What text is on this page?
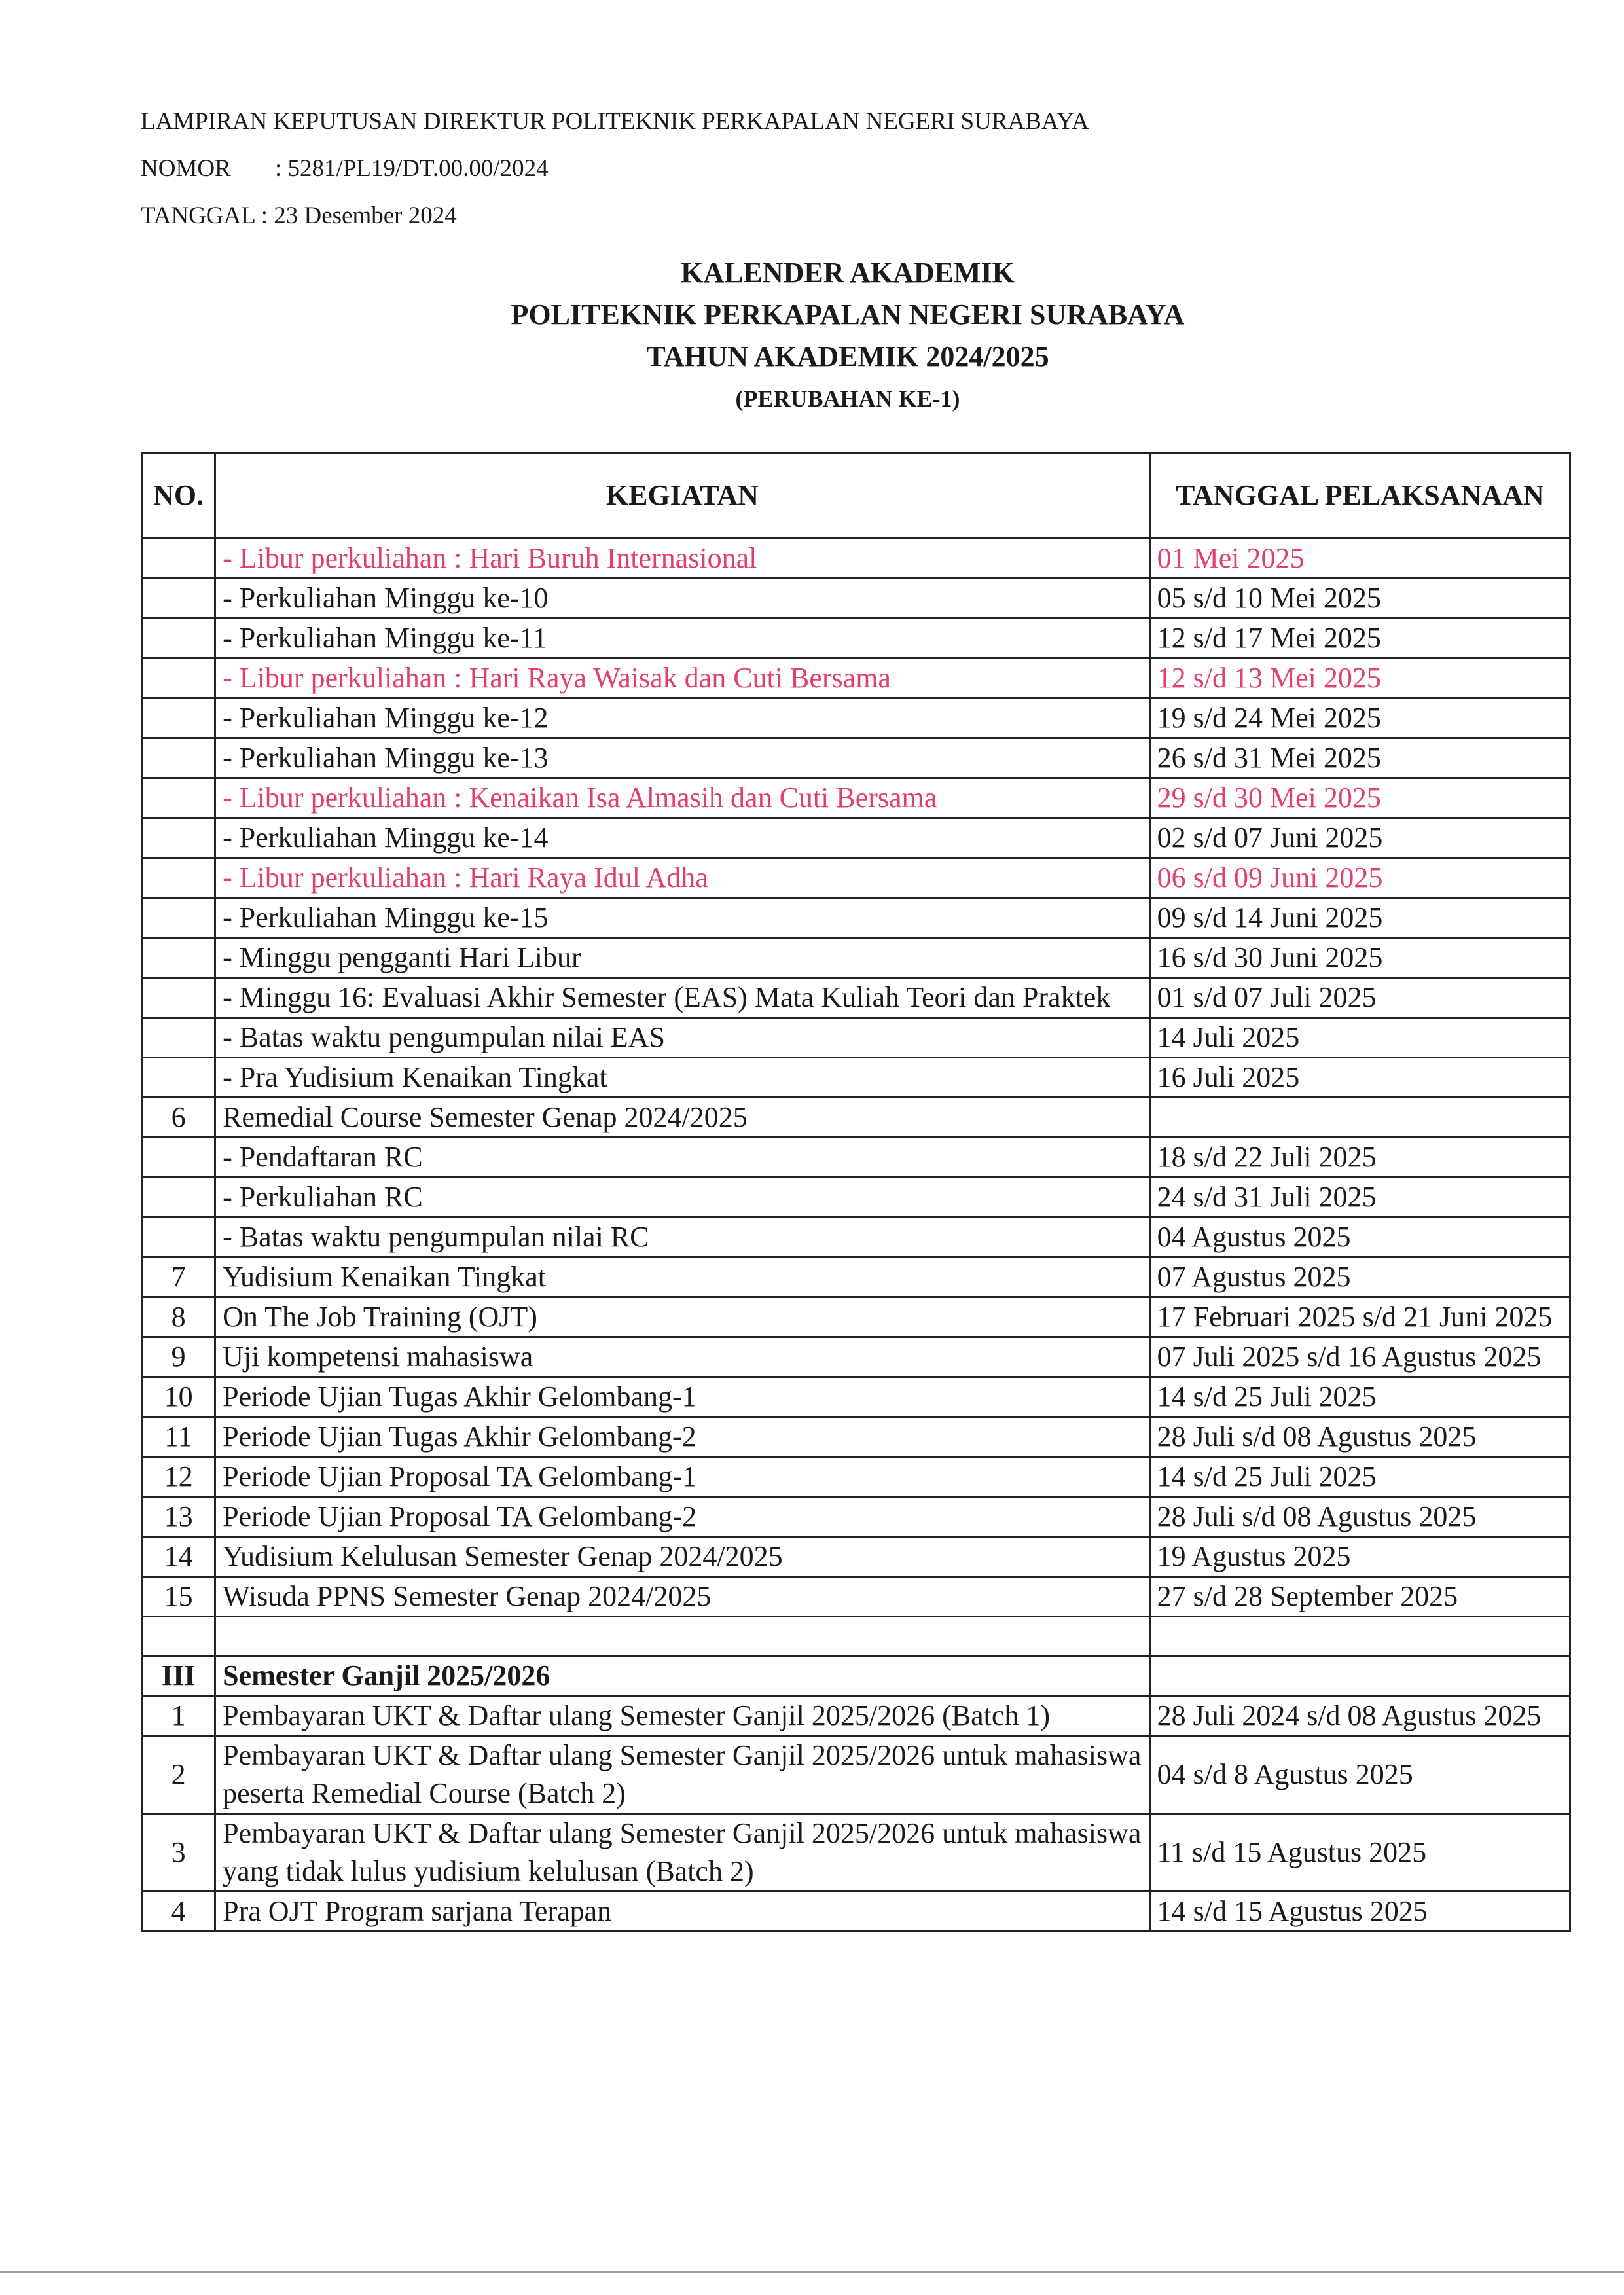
LAMPIRAN KEPUTUSAN DIREKTUR POLITEKNIK PERKAPALAN NEGERI SURABAYA
NOMOR : 5281/PL19/DT.00.00/2024
TANGGAL : 23 Desember 2024
KALENDER AKADEMIK
POLITEKNIK PERKAPALAN NEGERI SURABAYA
TAHUN AKADEMIK 2024/2025
(PERUBAHAN KE-1)
NO.	KEGIATAN	TANGGAL PELAKSANAAN
	- Libur perkuliahan : Hari Buruh Internasional	01 Mei 2025
	- Perkuliahan Minggu ke-10	05 s/d 10 Mei 2025
	- Perkuliahan Minggu ke-11	12 s/d 17 Mei 2025
	- Libur perkuliahan : Hari Raya Waisak dan Cuti Bersama	12 s/d 13 Mei 2025
	- Perkuliahan Minggu ke-12	19 s/d 24 Mei 2025
	- Perkuliahan Minggu ke-13	26 s/d 31 Mei 2025
	- Libur perkuliahan : Kenaikan Isa Almasih dan Cuti Bersama	29 s/d 30 Mei 2025
	- Perkuliahan Minggu ke-14	02 s/d 07 Juni 2025
	- Libur perkuliahan : Hari Raya Idul Adha	06 s/d 09 Juni 2025
	- Perkuliahan Minggu ke-15	09 s/d 14 Juni 2025
	- Minggu pengganti Hari Libur	16 s/d 30 Juni 2025
	- Minggu 16: Evaluasi Akhir Semester (EAS) Mata Kuliah Teori dan Praktek	01 s/d 07 Juli 2025
	- Batas waktu pengumpulan nilai EAS	14 Juli 2025
	- Pra Yudisium Kenaikan Tingkat	16 Juli 2025
6	Remedial Course Semester Genap 2024/2025	
	- Pendaftaran RC	18 s/d 22 Juli 2025
	- Perkuliahan RC	24 s/d 31 Juli 2025
	- Batas waktu pengumpulan nilai RC	04 Agustus 2025
7	Yudisium Kenaikan Tingkat	07 Agustus 2025
8	On The Job Training (OJT)	17 Februari 2025 s/d 21 Juni 2025
9	Uji kompetensi mahasiswa	07 Juli 2025 s/d 16 Agustus 2025
10	Periode Ujian Tugas Akhir Gelombang-1	14 s/d 25 Juli 2025
11	Periode Ujian Tugas Akhir Gelombang-2	28 Juli s/d 08 Agustus 2025
12	Periode Ujian Proposal TA Gelombang-1	14 s/d 25 Juli 2025
13	Periode Ujian Proposal TA Gelombang-2	28 Juli s/d 08 Agustus 2025
14	Yudisium Kelulusan Semester Genap 2024/2025	19 Agustus 2025
15	Wisuda PPNS Semester Genap 2024/2025	27 s/d 28 September 2025

III	Semester Ganjil 2025/2026	
1	Pembayaran UKT & Daftar ulang Semester Ganjil 2025/2026 (Batch 1)	28 Juli 2024 s/d 08 Agustus 2025
2	Pembayaran UKT & Daftar ulang Semester Ganjil 2025/2026 untuk mahasiswa peserta Remedial Course (Batch 2)	04 s/d 8 Agustus 2025
3	Pembayaran UKT & Daftar ulang Semester Ganjil 2025/2026 untuk mahasiswa yang tidak lulus yudisium kelulusan (Batch 2)	11 s/d 15 Agustus 2025
4	Pra OJT Program sarjana Terapan	14 s/d 15 Agustus 2025
